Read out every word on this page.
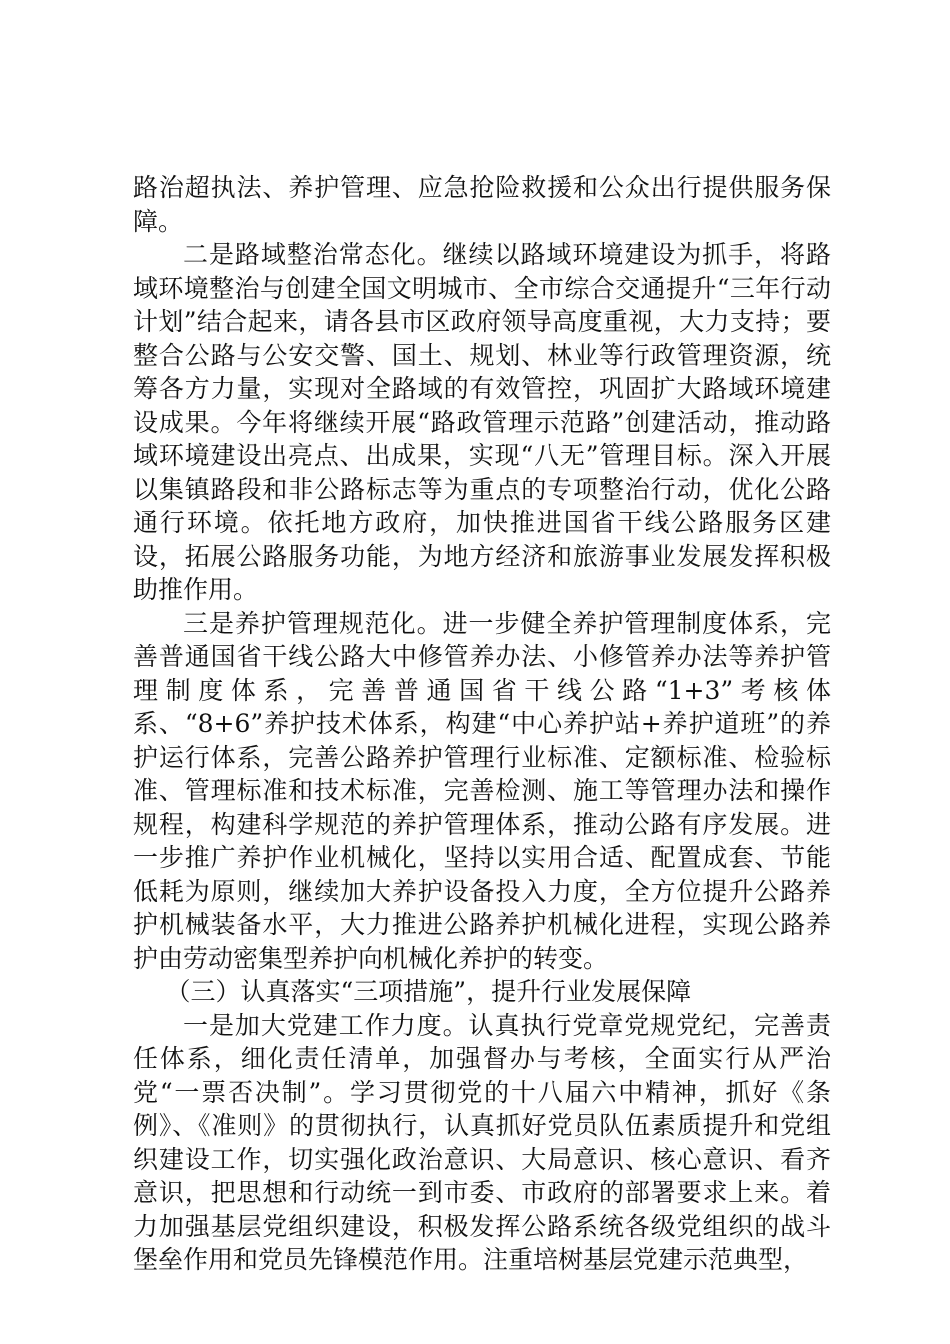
路治超执法、养护管理、应急抢险救援和公众出行提供服务保障。

二是路域整治常态化。继续以路域环境建设为抓手，将路域环境整治与创建全国文明城市、全市综合交通提升“三年行动计划”结合起来，请各县市区政府领导高度重视，大力支持；要整合公路与公安交警、国土、规划、林业等行政管理资源，统筹各方力量，实现对全路域的有效管控，巩固扩大路域环境建设成果。今年将继续开展“路政管理示范路”创建活动，推动路域环境建设出亮点、出成果，实现“八无”管理目标。深入开展以集镇路段和非公路标志等为重点的专项整治行动，优化公路通行环境。依托地方政府，加快推进国省干线公路服务区建设，拓展公路服务功能，为地方经济和旅游事业发展发挥积极助推作用。

三是养护管理规范化。进一步健全养护管理制度体系，完善普通国省干线公路大中修管养办法、小修管养办法等养护管理制度体系，完善普通国省干线公路“1+3”考核体系、“8+6”养护技术体系，构建“中心养护站+养护道班”的养护运行体系，完善公路养护管理行业标准、定额标准、检验标准、管理标准和技术标准，完善检测、施工等管理办法和操作规程，构建科学规范的养护管理体系，推动公路有序发展。进一步推广养护作业机械化，坚持以实用合适、配置成套、节能低耗为原则，继续加大养护设备投入力度，全方位提升公路养护机械装备水平，大力推进公路养护机械化进程，实现公路养护由劳动密集型养护向机械化养护的转变。

（三）认真落实“三项措施”，提升行业发展保障

一是加大党建工作力度。认真执行党章党规党纪，完善责任体系，细化责任清单，加强督办与考核，全面实行从严治党“一票否决制”。学习贯彻党的十八届六中精神，抓好《条例》、《准则》的贯彻执行，认真抓好党员队伍素质提升和党组织建设工作，切实强化政治意识、大局意识、核心意识、看齐意识，把思想和行动统一到市委、市政府的部署要求上来。着力加强基层党组织建设，积极发挥公路系统各级党组织的战斗堡垒作用和党员先锋模范作用。注重培树基层党建示范典型，
